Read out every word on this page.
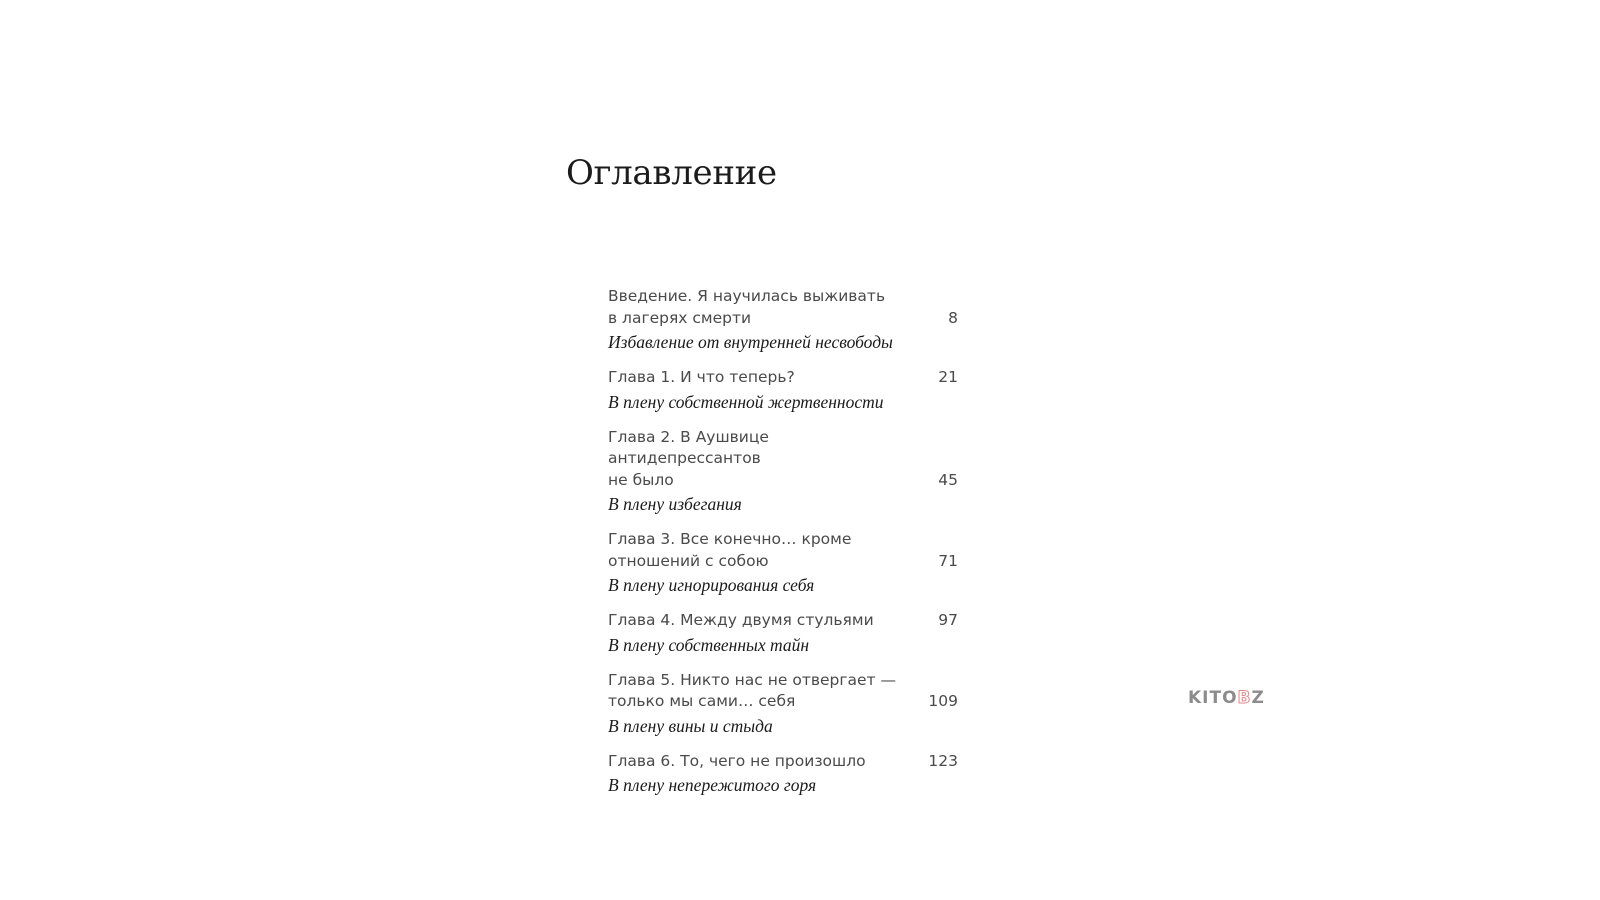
Оглавление
Введение. Я научилась выживать
в лагерях смерти	8
Избавление от внутренней несвободы
Глава 1. И что теперь?	21
В плену собственной жертвенности
Глава 2. В Аушвице антидепрессантов
не было	45
В плену избегания
Глава 3. Все конечно… кроме
отношений с собою	71
В плену игнорирования себя
Глава 4. Между двумя стульями	97
В плену собственных тайн
Глава 5. Никто нас не отвергает —
только мы сами… себя	109
В плену вины и стыда
Глава 6. То, чего не произошло	123
В плену непережитого горя
KITO B Z
